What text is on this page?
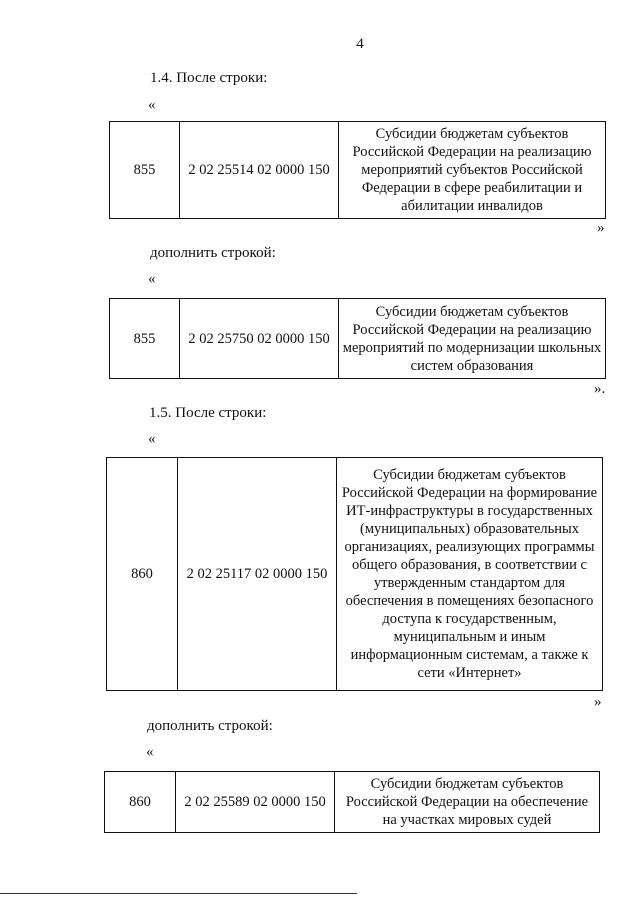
4
1.4. После строки:
«
855	2 02 25514 02 0000 150	Субсидии бюджетам субъектов Российской Федерации на реализацию мероприятий субъектов Российской Федерации в сфере реабилитации и абилитации инвалидов
»
дополнить строкой:
«
855	2 02 25750 02 0000 150	Субсидии бюджетам субъектов Российской Федерации на реализацию мероприятий по модернизации школьных систем образования
».
1.5. После строки:
«
860	2 02 25117 02 0000 150	Субсидии бюджетам субъектов Российской Федерации на формирование ИТ-инфраструктуры в государственных (муниципальных) образовательных организациях, реализующих программы общего образования, в соответствии с утвержденным стандартом для обеспечения в помещениях безопасного доступа к государственным, муниципальным и иным информационным системам, а также к сети «Интернет»
»
дополнить строкой:
«
860	2 02 25589 02 0000 150	Субсидии бюджетам субъектов Российской Федерации на обеспечение на участках мировых судей
